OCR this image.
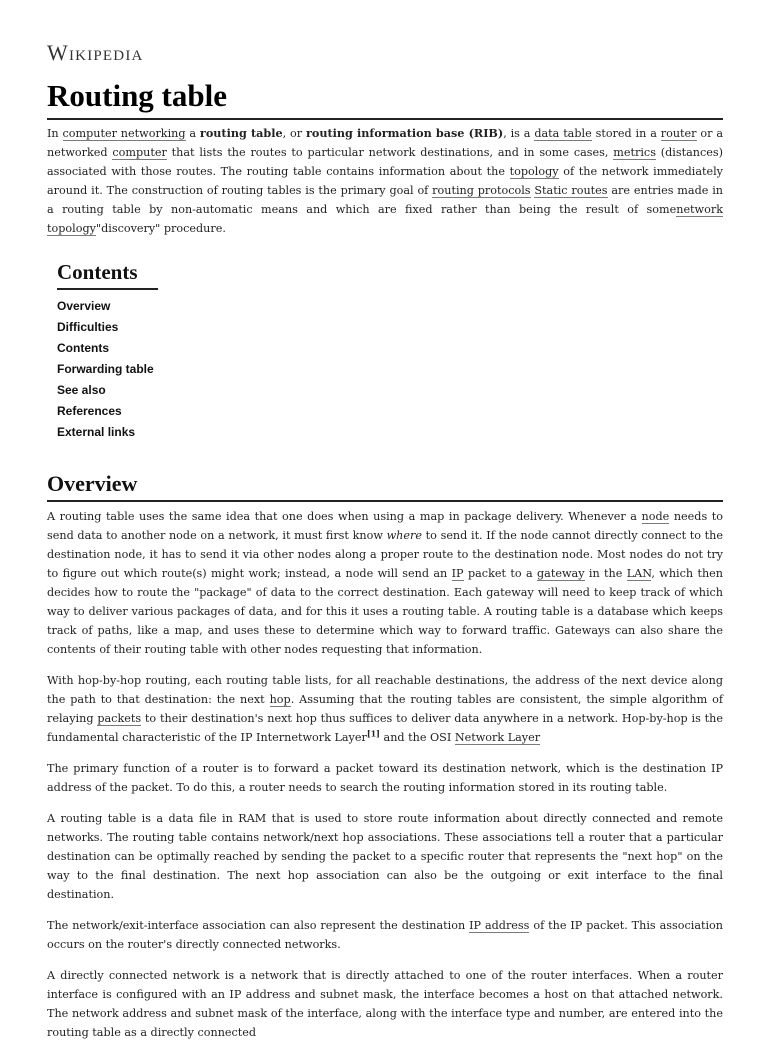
Wikipedia
Routing table

In computer networking a routing table, or routing information base (RIB), is a data table stored in a router or a networked computer that lists the routes to particular network destinations, and in some cases, metrics (distances) associated with those routes. The routing table contains information about the topology of the network immediately around it. The construction of routing tables is the primary goal of routing protocols Static routes are entries made in a routing table by non-automatic means and which are fixed rather than being the result of somenetwork topology"discovery" procedure.

Contents
Overview
Difficulties
Contents
Forwarding table
See also
References
External links
Overview

A routing table uses the same idea that one does when using a map in package delivery. Whenever a node needs to send data to another node on a network, it must first know where to send it. If the node cannot directly connect to the destination node, it has to send it via other nodes along a proper route to the destination node. Most nodes do not try to figure out which route(s) might work; instead, a node will send an IP packet to a gateway in the LAN, which then decides how to route the "package" of data to the correct destination. Each gateway will need to keep track of which way to deliver various packages of data, and for this it uses a routing table. A routing table is a database which keeps track of paths, like a map, and uses these to determine which way to forward traffic. Gateways can also share the contents of their routing table with other nodes requesting that information.

With hop-by-hop routing, each routing table lists, for all reachable destinations, the address of the next device along the path to that destination: the next hop. Assuming that the routing tables are consistent, the simple algorithm of relaying packets to their destination's next hop thus suffices to deliver data anywhere in a network. Hop-by-hop is the fundamental characteristic of the IP Internetwork Layer[1] and the OSI Network Layer

The primary function of a router is to forward a packet toward its destination network, which is the destination IP address of the packet. To do this, a router needs to search the routing information stored in its routing table.

A routing table is a data file in RAM that is used to store route information about directly connected and remote networks. The routing table contains network/next hop associations. These associations tell a router that a particular destination can be optimally reached by sending the packet to a specific router that represents the "next hop" on the way to the final destination. The next hop association can also be the outgoing or exit interface to the final destination.

The network/exit-interface association can also represent the destination IP address of the IP packet. This association occurs on the router's directly connected networks.

A directly connected network is a network that is directly attached to one of the router interfaces. When a router interface is configured with an IP address and subnet mask, the interface becomes a host on that attached network. The network address and subnet mask of the interface, along with the interface type and number, are entered into the routing table as a directly connected
